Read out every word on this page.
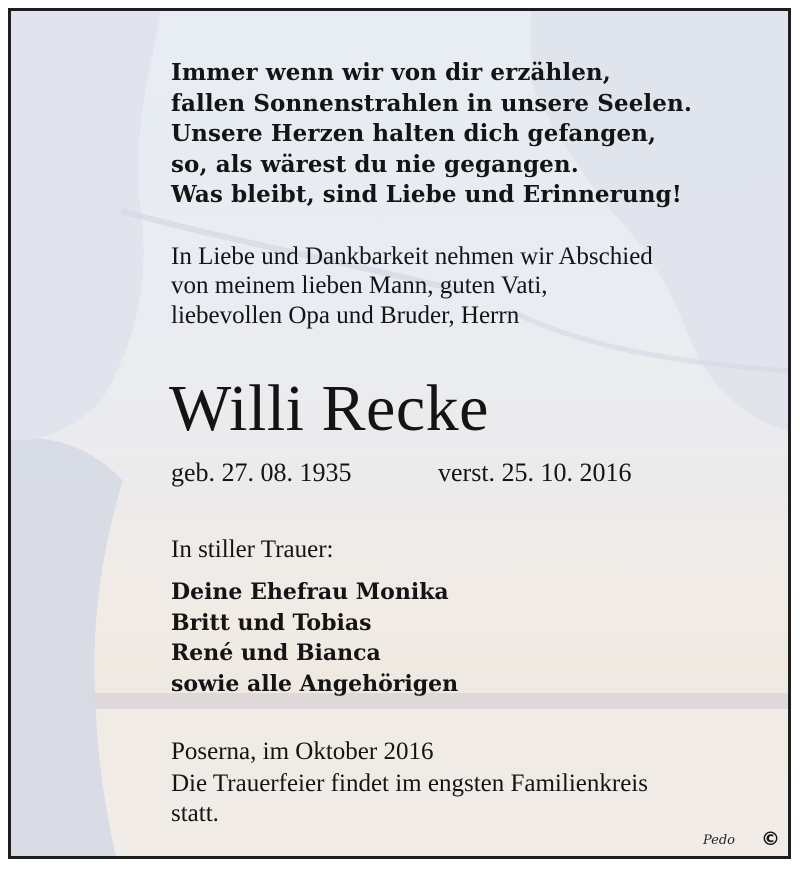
Immer wenn wir von dir erzählen,
fallen Sonnenstrahlen in unsere Seelen.
Unsere Herzen halten dich gefangen,
so, als wärest du nie gegangen.
Was bleibt, sind Liebe und Erinnerung!
In Liebe und Dankbarkeit nehmen wir Abschied
von meinem lieben Mann, guten Vati,
liebevollen Opa und Bruder, Herrn
Willi Recke
geb. 27. 08. 1935	verst. 25. 10. 2016
In stiller Trauer:
Deine Ehefrau Monika
Britt und Tobias
René und Bianca
sowie alle Angehörigen
Poserna, im Oktober 2016
Die Trauerfeier findet im engsten Familienkreis
statt.
Pedo ©
